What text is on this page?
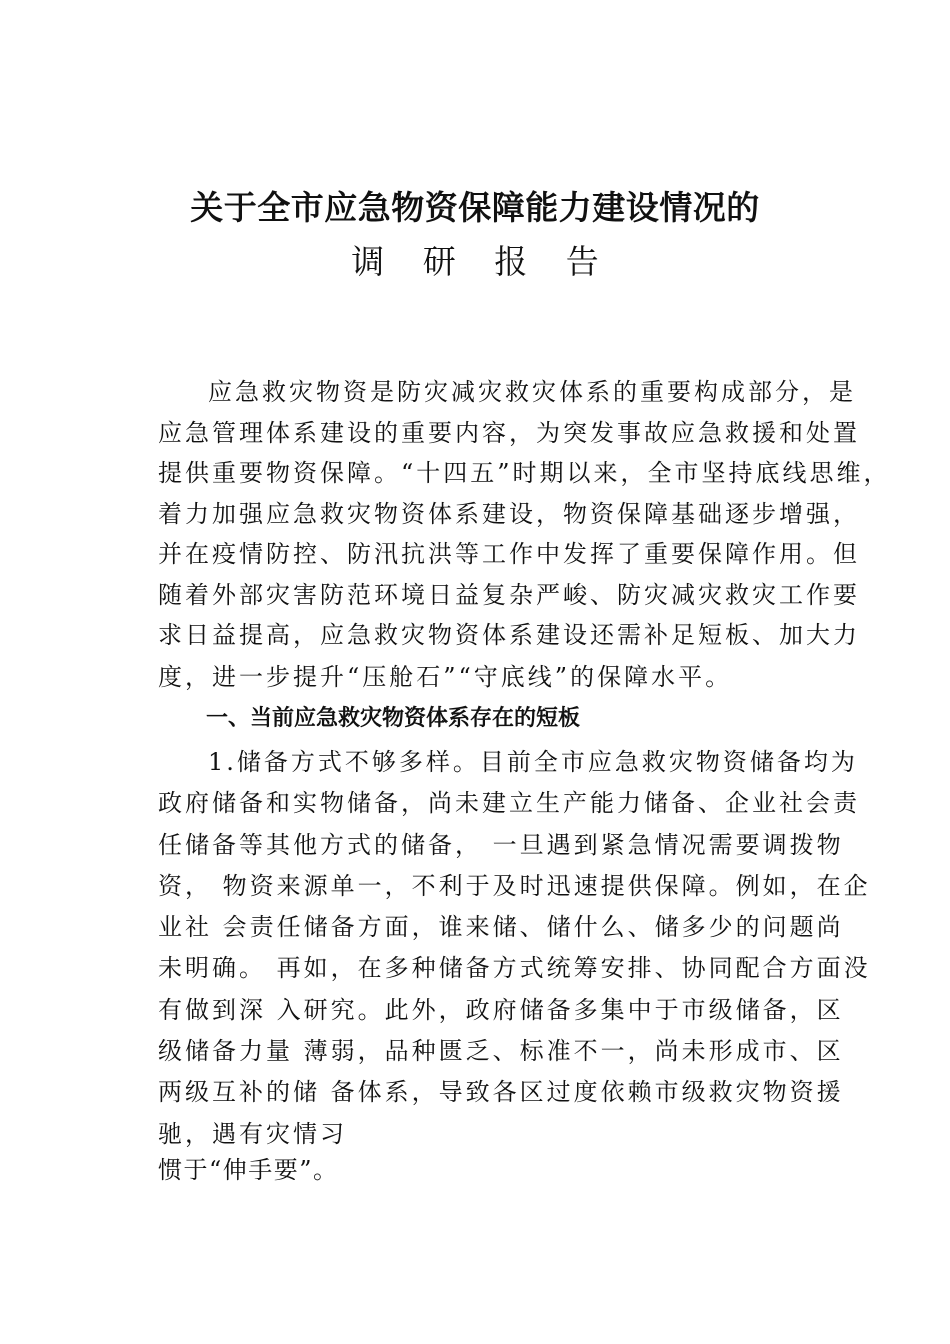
关于全市应急物资保障能力建设情况的
调 研 报 告
应急救灾物资是防灾减灾救灾体系的重要构成部分，是
应急管理体系建设的重要内容，为突发事故应急救援和处置
提供重要物资保障。“十四五”时期以来，全市坚持底线思维，
着力加强应急救灾物资体系建设，物资保障基础逐步增强，
并在疫情防控、防汛抗洪等工作中发挥了重要保障作用。但
随着外部灾害防范环境日益复杂严峻、防灾减灾救灾工作要
求日益提高，应急救灾物资体系建设还需补足短板、加大力
度，进一步提升“压舱石”“守底线”的保障水平。
一、当前应急救灾物资体系存在的短板
1.储备方式不够多样。目前全市应急救灾物资储备均为
政府储备和实物储备，尚未建立生产能力储备、企业社会责
任储备等其他方式的储备， 一旦遇到紧急情况需要调拨物
资， 物资来源单一，不利于及时迅速提供保障。例如，在企
业社 会责任储备方面，谁来储、储什么、储多少的问题尚
未明确。 再如，在多种储备方式统筹安排、协同配合方面没
有做到深 入研究。此外，政府储备多集中于市级储备，区
级储备力量 薄弱，品种匮乏、标准不一，尚未形成市、区
两级互补的储 备体系，导致各区过度依赖市级救灾物资援
驰，遇有灾情习
惯于“伸手要”。
